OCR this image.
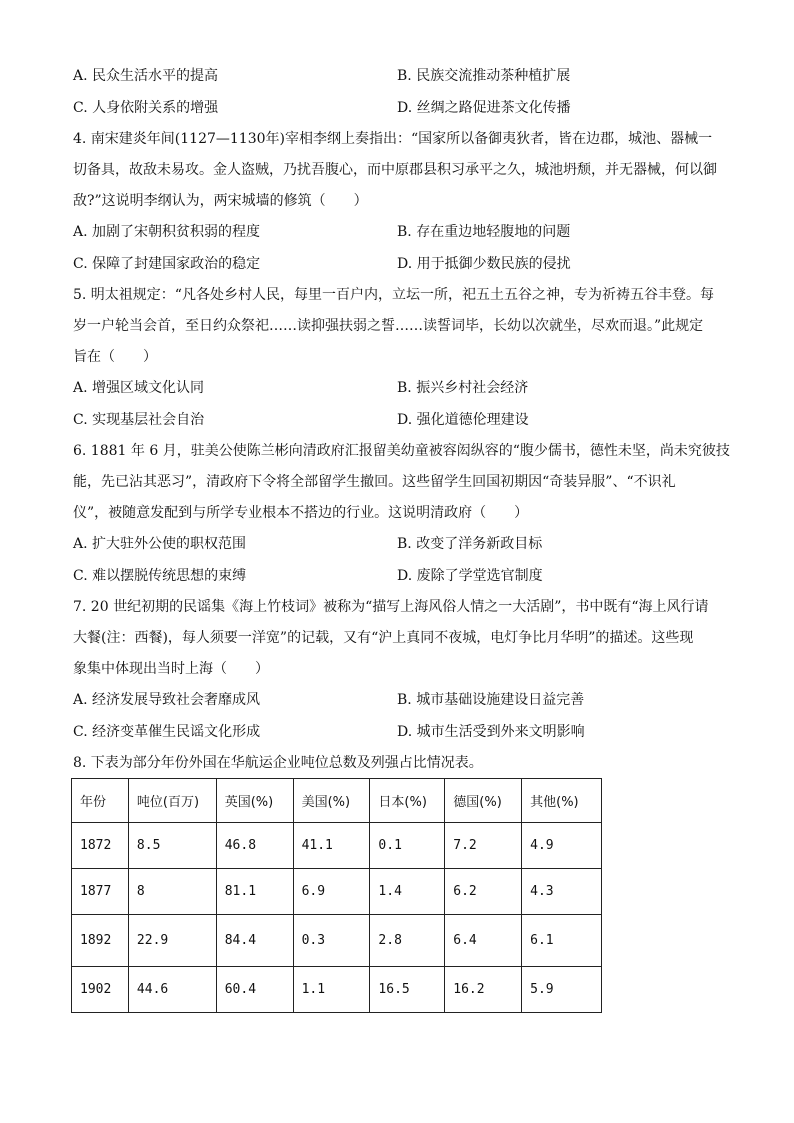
A. 民众生活水平的提高	B. 民族交流推动茶种植扩展
C. 人身依附关系的增强	D. 丝绸之路促进茶文化传播
4. 南宋建炎年间(1127—1130年)宰相李纲上奏指出：“国家所以备御夷狄者，皆在边郡，城池、器械一
切备具，故敌未易攻。金人盗贼，乃扰吾腹心，而中原郡县积习承平之久，城池坍颓，并无器械，何以御
敌?”这说明李纲认为，两宋城墙的修筑（　　）
A. 加剧了宋朝积贫积弱的程度	B. 存在重边地轻腹地的问题
C. 保障了封建国家政治的稳定	D. 用于抵御少数民族的侵扰
5. 明太祖规定：“凡各处乡村人民，每里一百户内，立坛一所，祀五土五谷之神，专为祈祷五谷丰登。每
岁一户轮当会首，至日约众祭祀……读抑强扶弱之誓……读誓词毕，长幼以次就坐，尽欢而退。”此规定
旨在（　　）
A. 增强区域文化认同	B. 振兴乡村社会经济
C. 实现基层社会自治	D. 强化道德伦理建设
6. 1881 年 6 月，驻美公使陈兰彬向清政府汇报留美幼童被容闳纵容的“腹少儒书，德性未坚，尚未究彼技
能，先已沾其恶习”，清政府下令将全部留学生撤回。这些留学生回国初期因“奇装异服”、“不识礼
仪”，被随意发配到与所学专业根本不搭边的行业。这说明清政府（　　）
A. 扩大驻外公使的职权范围	B. 改变了洋务新政目标
C. 难以摆脱传统思想的束缚	D. 废除了学堂选官制度
7. 20 世纪初期的民谣集《海上竹枝词》被称为“描写上海风俗人情之一大活剧”，书中既有“海上风行请
大餐(注：西餐)，每人须要一洋宽”的记载，又有“沪上真同不夜城，电灯争比月华明”的描述。这些现
象集中体现出当时上海（　　）
A. 经济发展导致社会奢靡成风	B. 城市基础设施建设日益完善
C. 经济变革催生民谣文化形成	D. 城市生活受到外来文明影响
8. 下表为部分年份外国在华航运企业吨位总数及列强占比情况表。
年份	吨位(百万)	英国(%)	美国(%)	日本(%)	德国(%)	其他(%)
1872	8.5	46.8	41.1	0.1	7.2	4.9
1877	8	81.1	6.9	1.4	6.2	4.3
1892	22.9	84.4	0.3	2.8	6.4	6.1
1902	44.6	60.4	1.1	16.5	16.2	5.9
